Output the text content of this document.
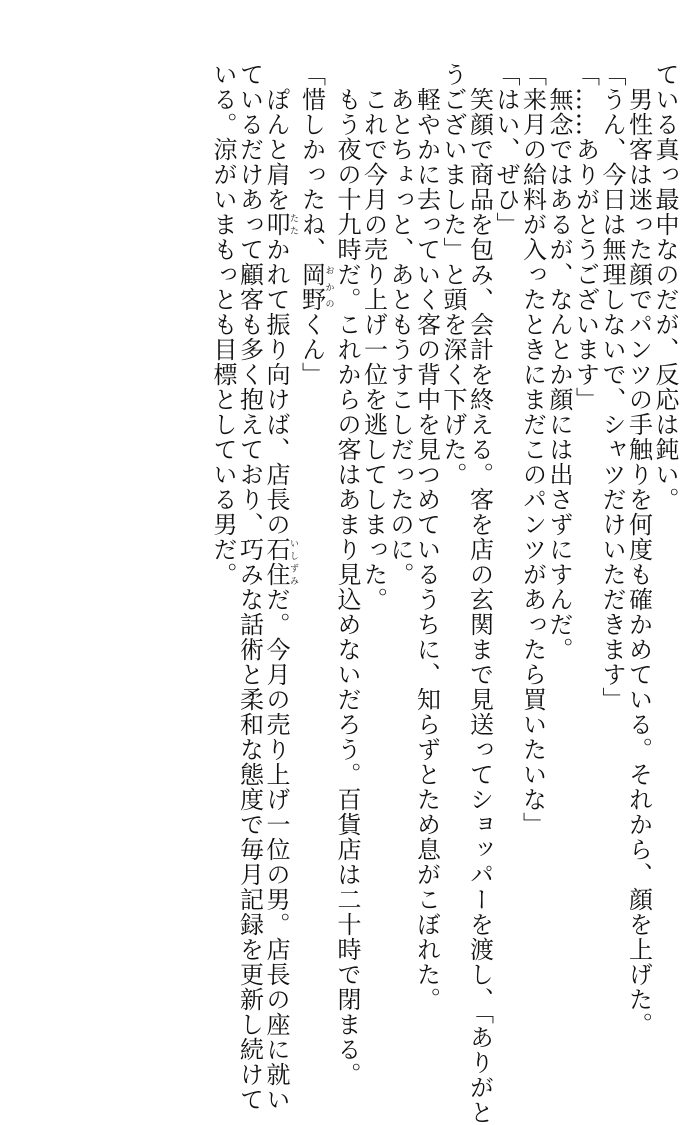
ている真っ最中なのだが、反応は鈍い。
　男性客は迷った顔でパンツの手触りを何度も確かめている。それから、顔を上げた。
「うん、今日は無理しないで、シャツだけいただきます」
「……ありがとうございます」
　無念ではあるが、なんとか顔には出さずにすんだ。
「来月の給料が入ったときにまだこのパンツがあったら買いたいな」
「はい、ぜひ」
　笑顔で商品を包み、会計を終える。客を店の玄関まで見送ってショッパーを渡し、「ありがと
うございました」と頭を深く下げた。
　軽やかに去っていく客の背中を見つめているうちに、知らずとため息がこぼれた。
　あとちょっと、あともうすこしだったのに。
　これで今月の売り上げ一位を逃してしまった。
　もう夜の十九時だ。これからの客はあまり見込めないだろう。百貨店は二十時で閉まる。
「惜しかったね、岡野おかのくん」
　ぽんと肩を叩たたかれて振り向けば、店長の石住いしずみだ。今月の売り上げ一位の男。店長の座に就い
ているだけあって顧客も多く抱えており、巧みな話術と柔和な態度で毎月記録を更新し続けて
いる。涼がいまもっとも目標としている男だ。
